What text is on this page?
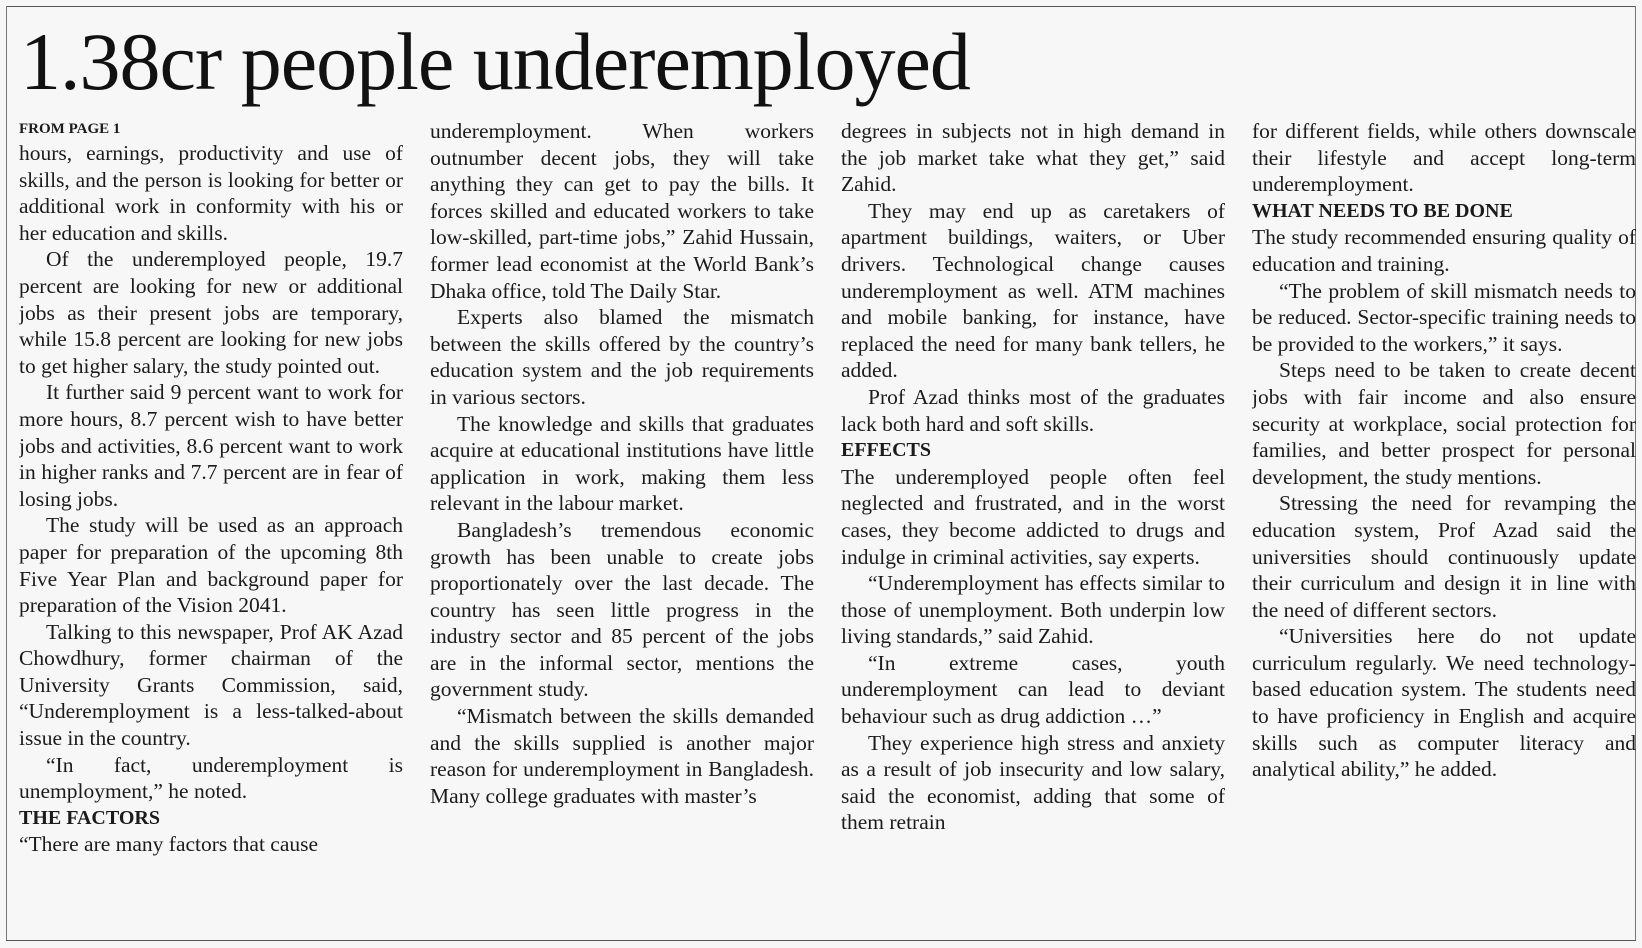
1.38cr people underemployed
FROM PAGE 1

hours, earnings, productivity and use of skills, and the person is looking for better or additional work in conformity with his or her education and skills.

Of the underemployed people, 19.7 percent are looking for new or additional jobs as their present jobs are temporary, while 15.8 percent are looking for new jobs to get higher salary, the study pointed out.

It further said 9 percent want to work for more hours, 8.7 percent wish to have better jobs and activities, 8.6 percent want to work in higher ranks and 7.7 percent are in fear of losing jobs.

The study will be used as an approach paper for preparation of the upcoming 8th Five Year Plan and background paper for preparation of the Vision 2041.

Talking to this newspaper, Prof AK Azad Chowdhury, former chairman of the University Grants Commission, said, “Underemployment is a less-talked-about issue in the country.

“In fact, underemployment is unemployment,” he noted.

THE FACTORS

“There are many factors that cause

underemployment. When workers outnumber decent jobs, they will take anything they can get to pay the bills. It forces skilled and educated workers to take low-skilled, part-time jobs,” Zahid Hussain, former lead economist at the World Bank’s Dhaka office, told The Daily Star.

Experts also blamed the mismatch between the skills offered by the country’s education system and the job requirements in various sectors.

The knowledge and skills that graduates acquire at educational institutions have little application in work, making them less relevant in the labour market.

Bangladesh’s tremendous economic growth has been unable to create jobs proportionately over the last decade. The country has seen little progress in the industry sector and 85 percent of the jobs are in the informal sector, mentions the government study.

“Mismatch between the skills demanded and the skills supplied is another major reason for underemployment in Bangladesh. Many college graduates with master’s

degrees in subjects not in high demand in the job market take what they get,” said Zahid.

They may end up as caretakers of apartment buildings, waiters, or Uber drivers. Technological change causes underemployment as well. ATM machines and mobile banking, for instance, have replaced the need for many bank tellers, he added.

Prof Azad thinks most of the graduates lack both hard and soft skills.

EFFECTS

The underemployed people often feel neglected and frustrated, and in the worst cases, they become addicted to drugs and indulge in criminal activities, say experts.

“Underemployment has effects similar to those of unemployment. Both underpin low living standards,” said Zahid.

“In extreme cases, youth underemployment can lead to deviant behaviour such as drug addiction …”

They experience high stress and anxiety as a result of job insecurity and low salary, said the economist, adding that some of them retrain

for different fields, while others downscale their lifestyle and accept long-term underemployment.

WHAT NEEDS TO BE DONE

The study recommended ensuring quality of education and training.

“The problem of skill mismatch needs to be reduced. Sector-specific training needs to be provided to the workers,” it says.

Steps need to be taken to create decent jobs with fair income and also ensure security at workplace, social protection for families, and better prospect for personal development, the study mentions.

Stressing the need for revamping the education system, Prof Azad said the universities should continuously update their curriculum and design it in line with the need of different sectors.

“Universities here do not update curriculum regularly. We need technology-based education system. The students need to have proficiency in English and acquire skills such as computer literacy and analytical ability,” he added.
